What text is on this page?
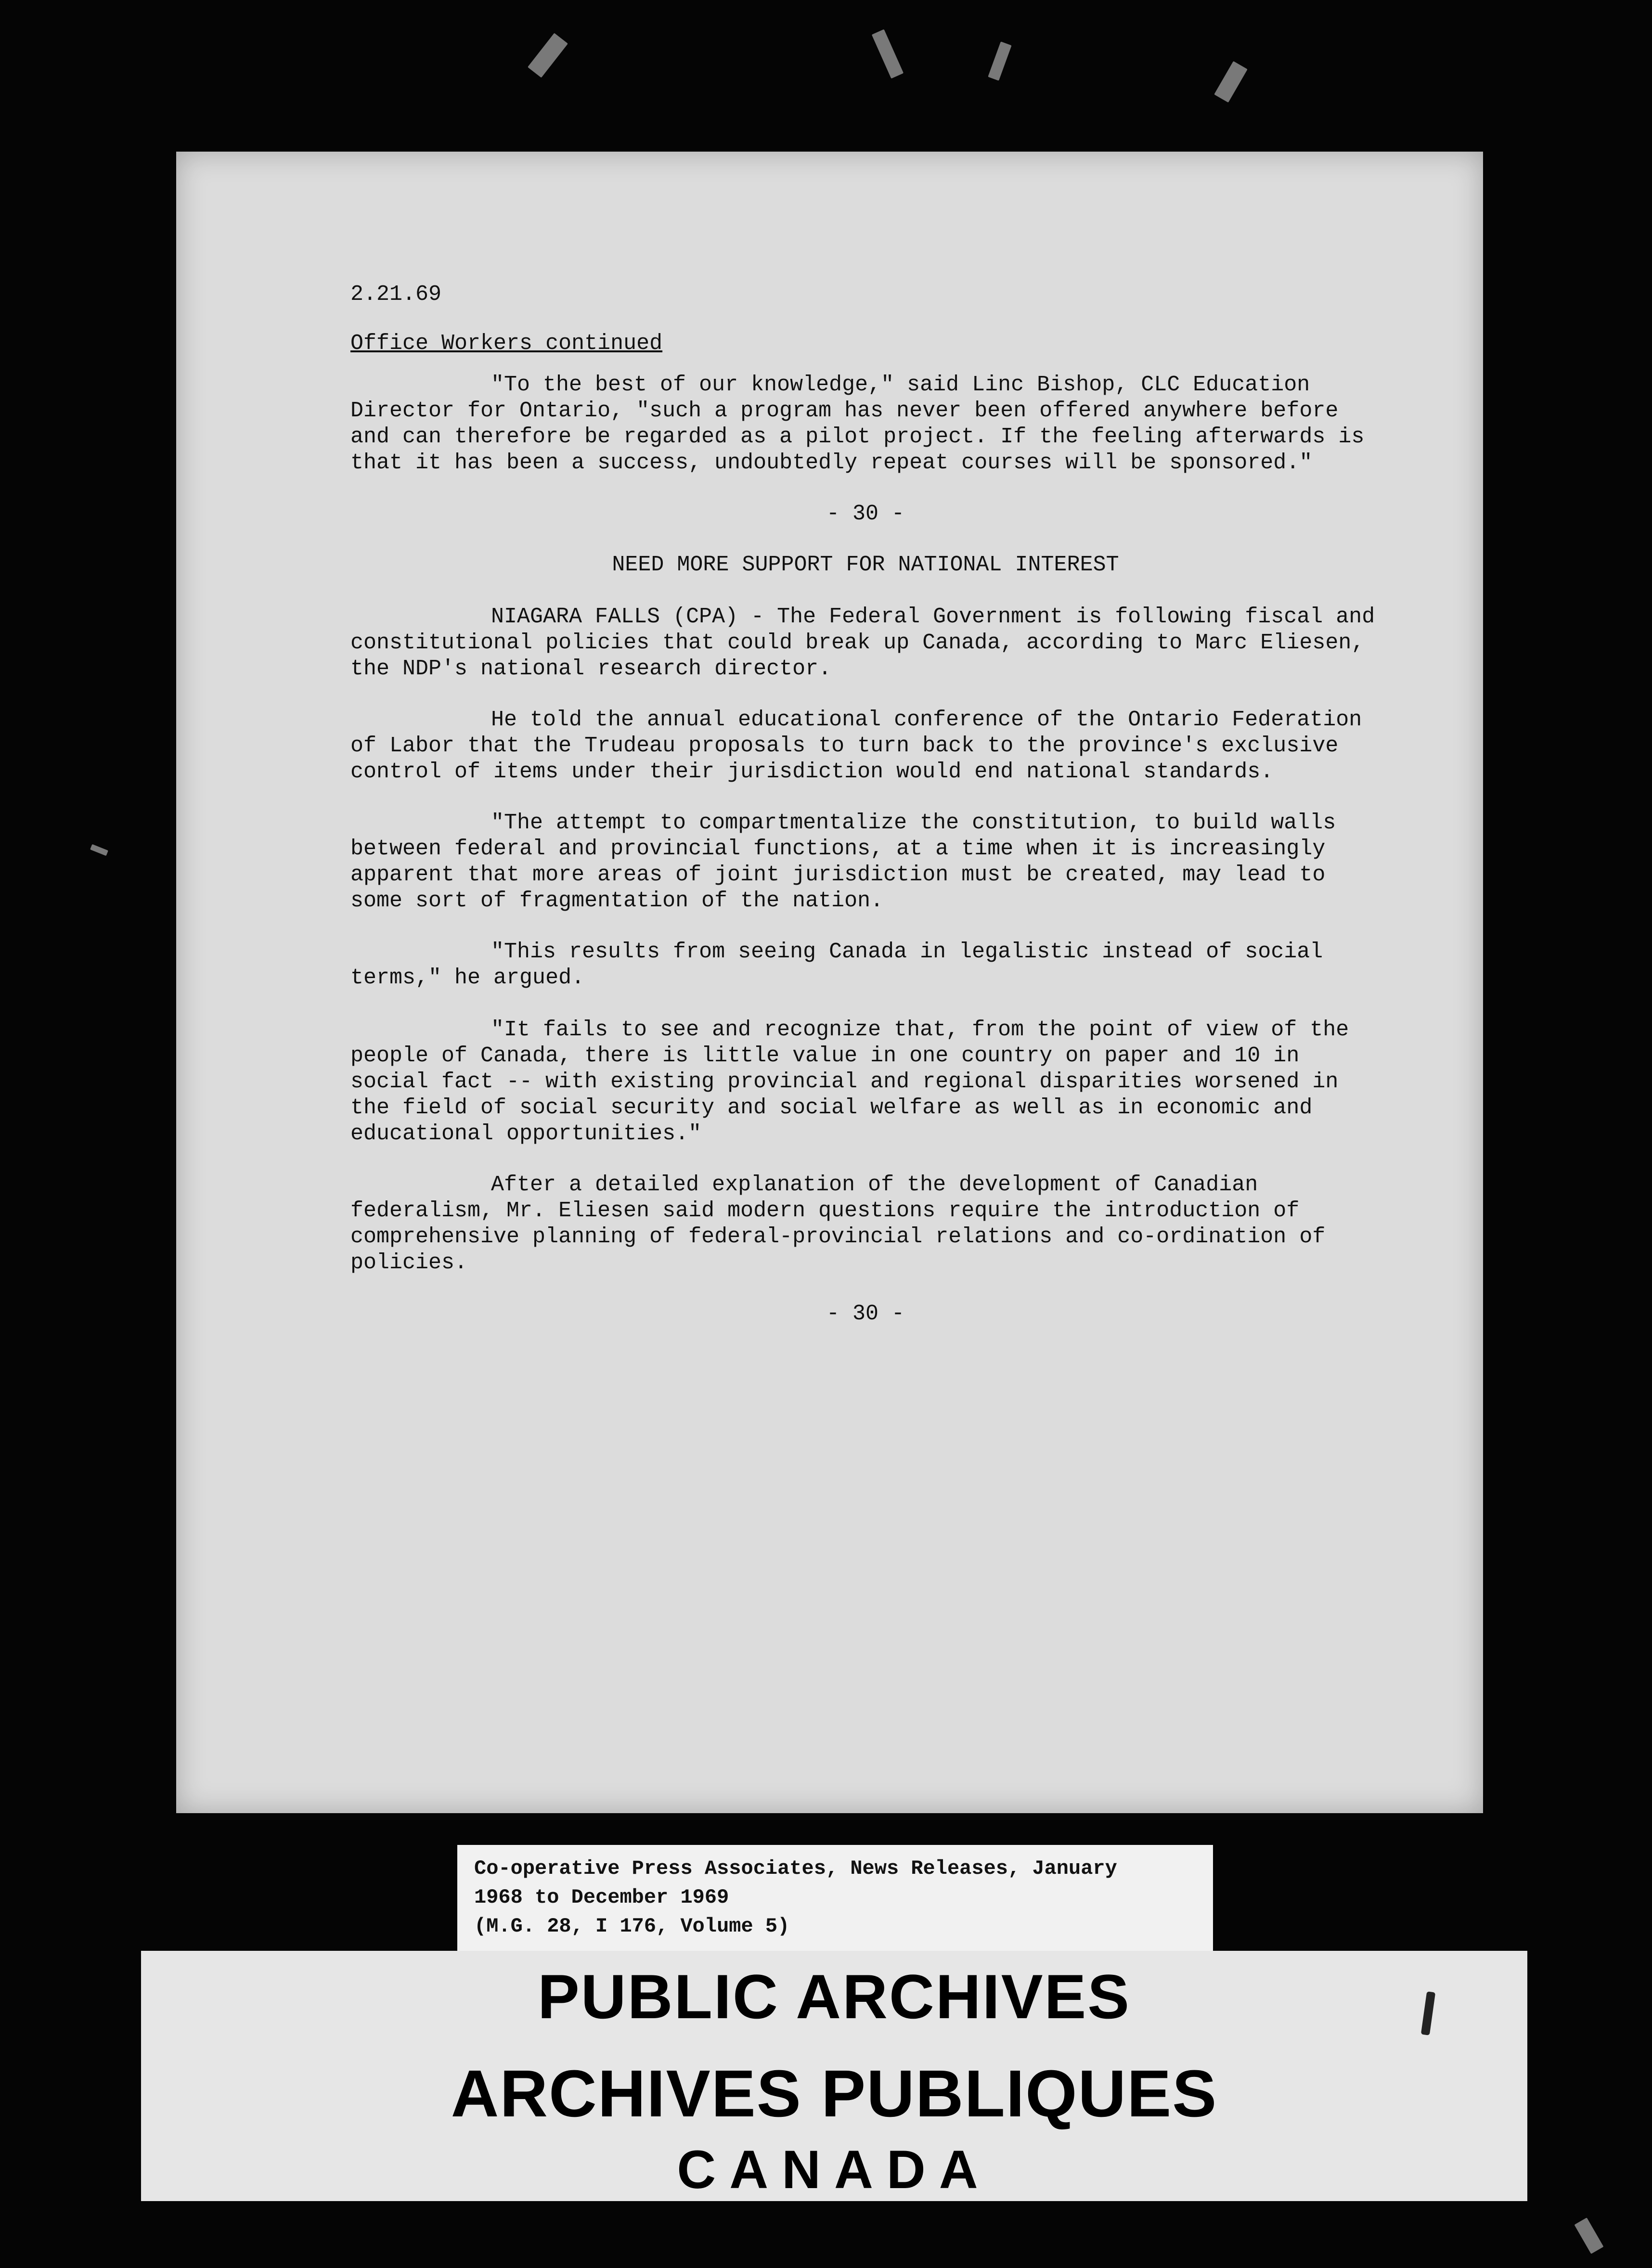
2.21.69

Office Workers continued

"To the best of our knowledge," said Linc Bishop, CLC Education Director for Ontario, "such a program has never been offered anywhere before and can therefore be regarded as a pilot project. If the feeling afterwards is that it has been a success, undoubtedly repeat courses will be sponsored."

- 30 -

NEED MORE SUPPORT FOR NATIONAL INTEREST

NIAGARA FALLS (CPA) - The Federal Government is following fiscal and constitutional policies that could break up Canada, according to Marc Eliesen, the NDP's national research director.

He told the annual educational conference of the Ontario Federation of Labor that the Trudeau proposals to turn back to the province's exclusive control of items under their jurisdiction would end national standards.

"The attempt to compartmentalize the constitution, to build walls between federal and provincial functions, at a time when it is increasingly apparent that more areas of joint jurisdiction must be created, may lead to some sort of fragmentation of the nation.

"This results from seeing Canada in legalistic instead of social terms," he argued.

"It fails to see and recognize that, from the point of view of the people of Canada, there is little value in one country on paper and 10 in social fact -- with existing provincial and regional disparities worsened in the field of social security and social welfare as well as in economic and educational opportunities."

After a detailed explanation of the development of Canadian federalism, Mr. Eliesen said modern questions require the introduction of comprehensive planning of federal-provincial relations and co-ordination of policies.

- 30 -

Co-operative Press Associates, News Releases, January
1968 to December 1969
(M.G. 28, I 176, Volume 5)
PUBLIC ARCHIVES
ARCHIVES PUBLIQUES
CANADA
